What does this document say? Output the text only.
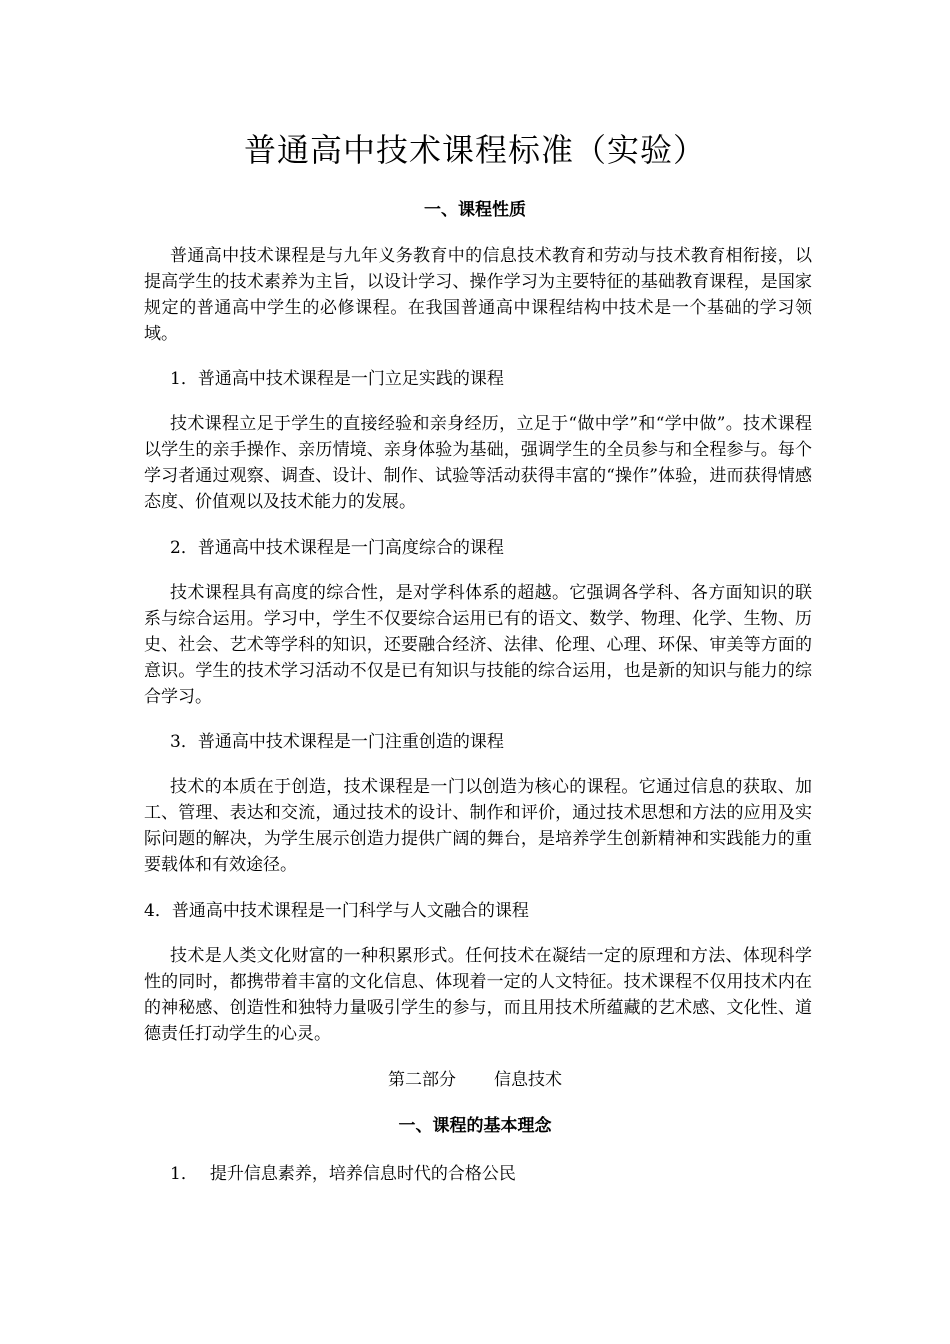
普通高中技术课程标准（实验）
一、课程性质
普通高中技术课程是与九年义务教育中的信息技术教育和劳动与技术教育相衔接，以提高学生的技术素养为主旨，以设计学习、操作学习为主要特征的基础教育课程，是国家规定的普通高中学生的必修课程。在我国普通高中课程结构中技术是一个基础的学习领域。
1．普通高中技术课程是一门立足实践的课程
技术课程立足于学生的直接经验和亲身经历，立足于“做中学”和“学中做”。技术课程以学生的亲手操作、亲历情境、亲身体验为基础，强调学生的全员参与和全程参与。每个学习者通过观察、调查、设计、制作、试验等活动获得丰富的“操作”体验，进而获得情感态度、价值观以及技术能力的发展。
2．普通高中技术课程是一门高度综合的课程
技术课程具有高度的综合性，是对学科体系的超越。它强调各学科、各方面知识的联系与综合运用。学习中，学生不仅要综合运用已有的语文、数学、物理、化学、生物、历史、社会、艺术等学科的知识，还要融合经济、法律、伦理、心理、环保、审美等方面的意识。学生的技术学习活动不仅是已有知识与技能的综合运用，也是新的知识与能力的综合学习。
3．普通高中技术课程是一门注重创造的课程
技术的本质在于创造，技术课程是一门以创造为核心的课程。它通过信息的获取、加工、管理、表达和交流，通过技术的设计、制作和评价，通过技术思想和方法的应用及实际问题的解决，为学生展示创造力提供广阔的舞台，是培养学生创新精神和实践能力的重要载体和有效途径。
4．普通高中技术课程是一门科学与人文融合的课程
技术是人类文化财富的一种积累形式。任何技术在凝结一定的原理和方法、体现科学性的同时，都携带着丰富的文化信息、体现着一定的人文特征。技术课程不仅用技术内在的神秘感、创造性和独特力量吸引学生的参与，而且用技术所蕴藏的艺术感、文化性、道德责任打动学生的心灵。
第二部分 信息技术
一、课程的基本理念
1． 提升信息素养，培养信息时代的合格公民
